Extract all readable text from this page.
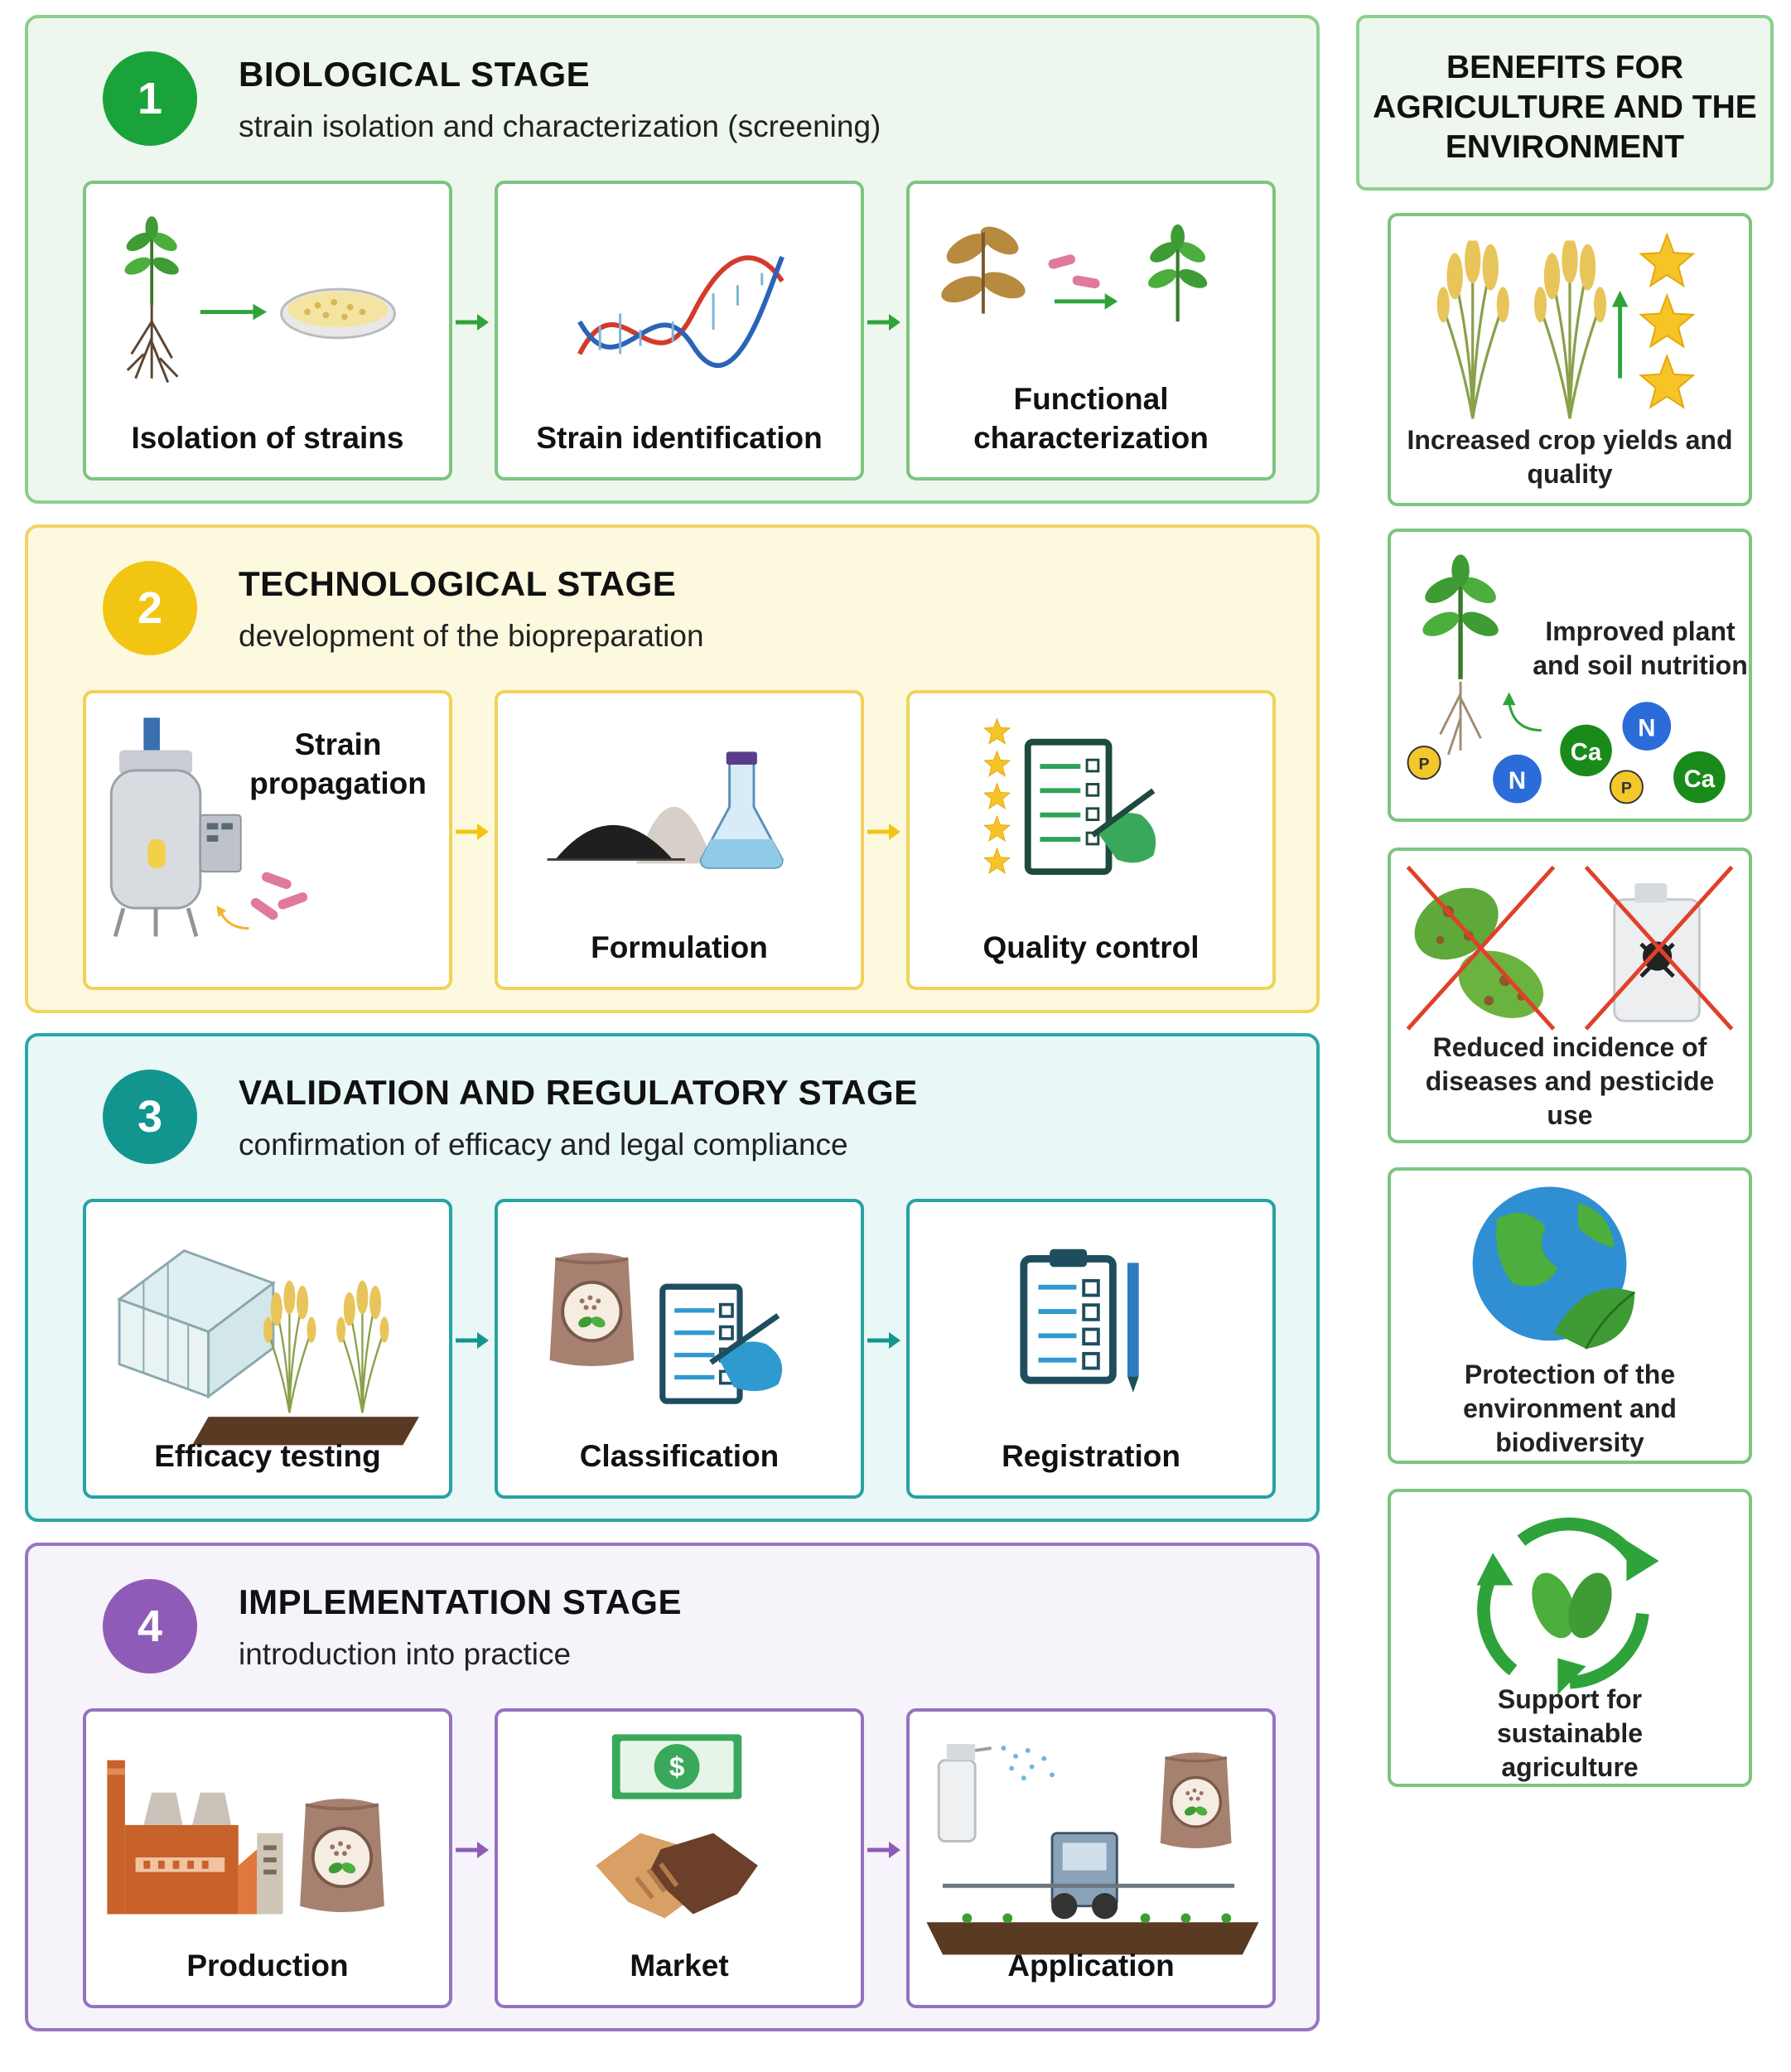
1	BIOLOGICAL STAGE
strain isolation and characterization (screening)
Isolation of strains	Strain identification
Functional characterization
2	TECHNOLOGICAL STAGE
development of the biopreparation
Strain propagation
Formulation	Quality control
3	VALIDATION AND REGULATORY STAGE
confirmation of efficacy and legal compliance
Efficacy testing	Classification	Registration
4	IMPLEMENTATION STAGE
introduction into practice
Production
$
Market	Application
BENEFITS FOR AGRICULTURE AND THE ENVIRONMENT
Increased crop yields and quality
Ca
N
P
N	P Ca
Improved plant and soil nutrition
Reduced incidence of diseases and pesticide use
Protection of the environment and biodiversity
Support for sustainable agriculture
